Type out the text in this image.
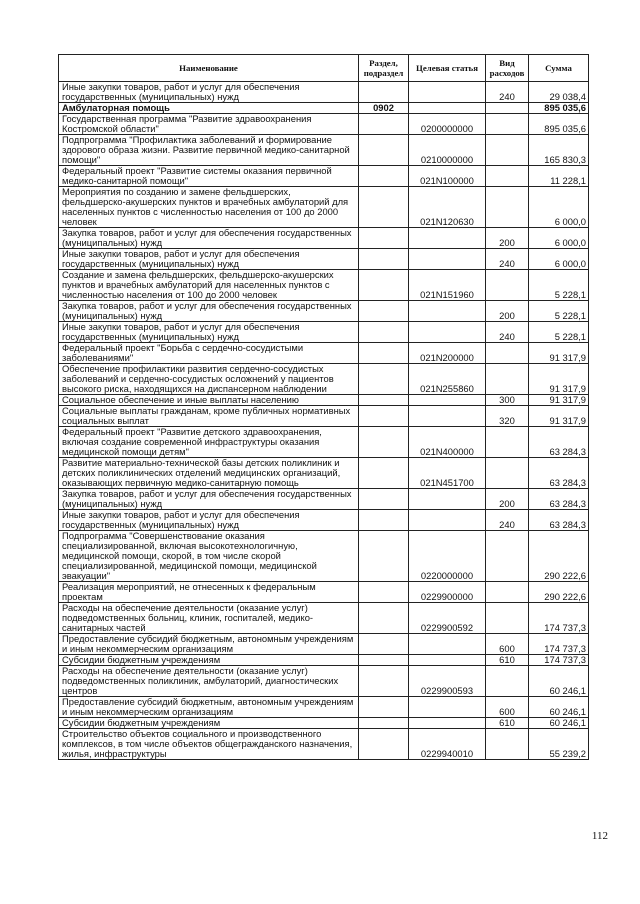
Наименование	Раздел, подраздел	Целевая статья	Вид расходов	Сумма
Иные закупки товаров, работ и услуг для обеспечения государственных (муниципальных) нужд			240	29 038,4
Амбулаторная помощь	0902			895 035,6
Государственная программа "Развитие здравоохранения Костромской области"		0200000000		895 035,6
Подпрограмма "Профилактика заболеваний и формирование здорового образа жизни. Развитие первичной медико-санитарной помощи"		0210000000		165 830,3
Федеральный проект "Развитие системы оказания первичной медико-санитарной помощи"		021N100000		11 228,1
Мероприятия по созданию и замене фельдшерских, фельдшерско-акушерских пунктов и врачебных амбулаторий для населенных пунктов с численностью населения от 100 до 2000 человек		021N120630		6 000,0
Закупка товаров, работ и услуг для обеспечения государственных (муниципальных) нужд			200	6 000,0
Иные закупки товаров, работ и услуг для обеспечения государственных (муниципальных) нужд			240	6 000,0
Создание и замена фельдшерских, фельдшерско-акушерских пунктов и врачебных амбулаторий для населенных пунктов с численностью населения от 100 до 2000 человек		021N151960		5 228,1
Закупка товаров, работ и услуг для обеспечения государственных (муниципальных) нужд			200	5 228,1
Иные закупки товаров, работ и услуг для обеспечения государственных (муниципальных) нужд			240	5 228,1
Федеральный проект "Борьба с сердечно-сосудистыми заболеваниями"		021N200000		91 317,9
Обеспечение профилактики развития сердечно-сосудистых заболеваний и сердечно-сосудистых осложнений у пациентов высокого риска, находящихся на диспансерном наблюдении		021N255860		91 317,9
Социальное обеспечение и иные выплаты населению			300	91 317,9
Социальные выплаты гражданам, кроме публичных нормативных социальных выплат			320	91 317,9
Федеральный проект "Развитие детского здравоохранения, включая создание современной инфраструктуры оказания медицинской помощи детям"		021N400000		63 284,3
Развитие материально-технической базы детских поликлиник и детских поликлинических отделений медицинских организаций, оказывающих первичную медико-санитарную помощь		021N451700		63 284,3
Закупка товаров, работ и услуг для обеспечения государственных (муниципальных) нужд			200	63 284,3
Иные закупки товаров, работ и услуг для обеспечения государственных (муниципальных) нужд			240	63 284,3
Подпрограмма "Совершенствование оказания специализированной, включая высокотехнологичную, медицинской помощи, скорой, в том числе скорой специализированной, медицинской помощи, медицинской эвакуации"		0220000000		290 222,6
Реализация мероприятий, не отнесенных к федеральным проектам		0229900000		290 222,6
Расходы на обеспечение деятельности (оказание услуг) подведомственных больниц, клиник, госпиталей, медико-санитарных частей		0229900592		174 737,3
Предоставление субсидий бюджетным, автономным учреждениям и иным некоммерческим организациям			600	174 737,3
Субсидии бюджетным учреждениям			610	174 737,3
Расходы на обеспечение деятельности (оказание услуг) подведомственных поликлиник, амбулаторий, диагностических центров		0229900593		60 246,1
Предоставление субсидий бюджетным, автономным учреждениям и иным некоммерческим организациям			600	60 246,1
Субсидии бюджетным учреждениям			610	60 246,1
Строительство объектов социального и производственного комплексов, в том числе объектов общегражданского назначения, жилья, инфраструктуры		0229940010		55 239,2
112
